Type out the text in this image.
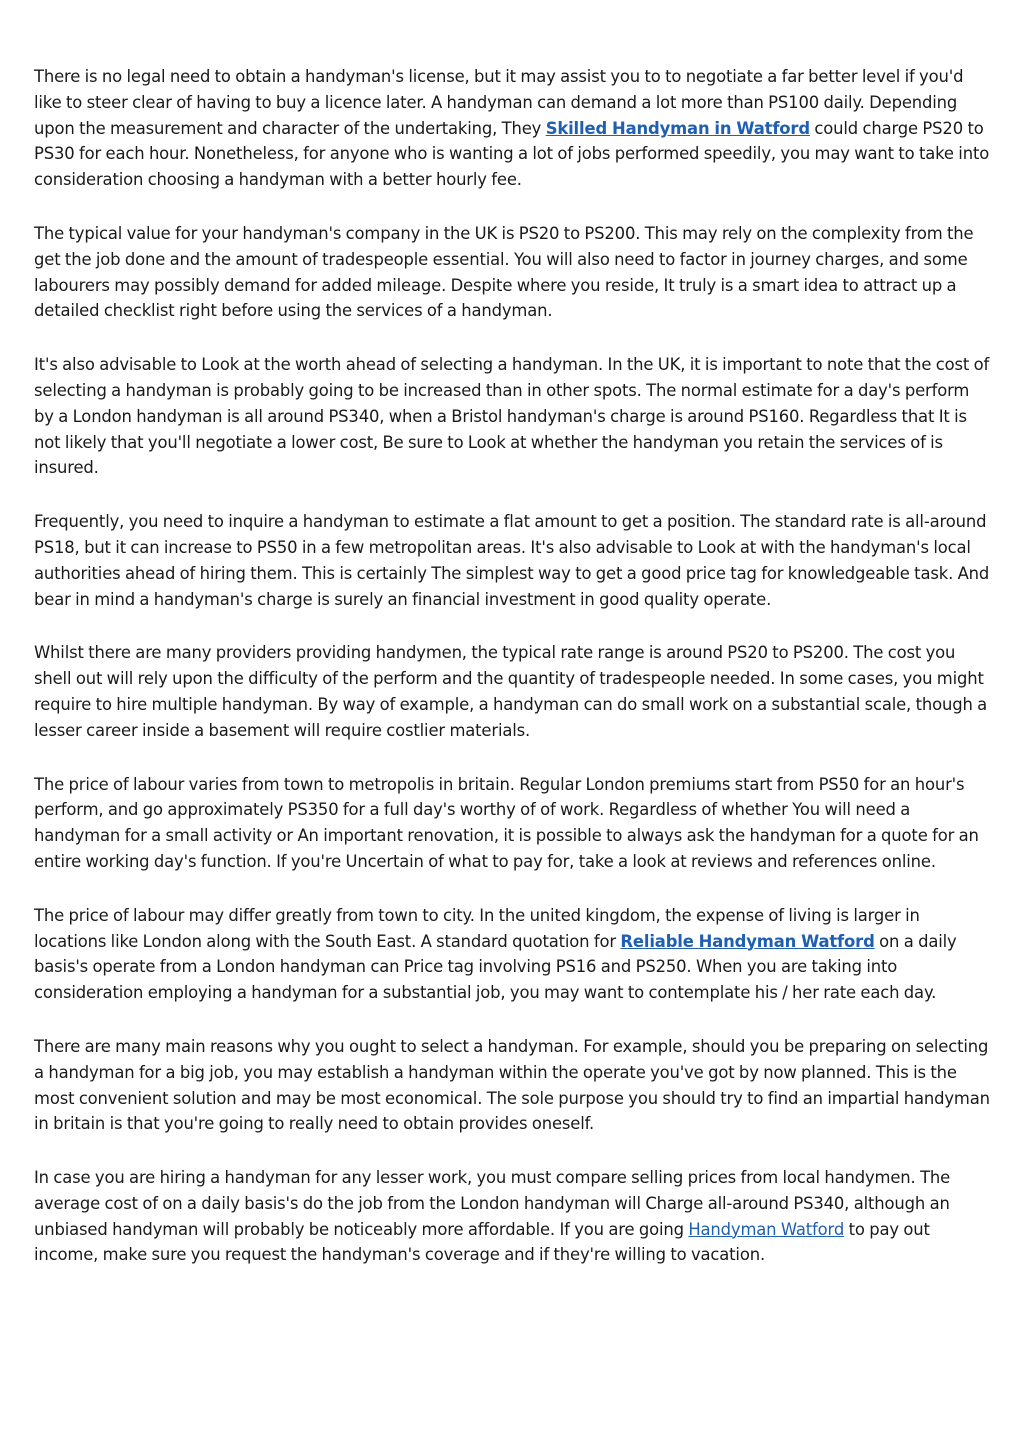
There is no legal need to obtain a handyman's license, but it may assist you to to negotiate a far better level if you'd like to steer clear of having to buy a licence later. A handyman can demand a lot more than PS100 daily. Depending upon the measurement and character of the undertaking, They Skilled Handyman in Watford could charge PS20 to PS30 for each hour. Nonetheless, for anyone who is wanting a lot of jobs performed speedily, you may want to take into consideration choosing a handyman with a better hourly fee.

The typical value for your handyman's company in the UK is PS20 to PS200. This may rely on the complexity from the get the job done and the amount of tradespeople essential. You will also need to factor in journey charges, and some labourers may possibly demand for added mileage. Despite where you reside, It truly is a smart idea to attract up a detailed checklist right before using the services of a handyman.

It's also advisable to Look at the worth ahead of selecting a handyman. In the UK, it is important to note that the cost of selecting a handyman is probably going to be increased than in other spots. The normal estimate for a day's perform by a London handyman is all around PS340, when a Bristol handyman's charge is around PS160. Regardless that It is not likely that you'll negotiate a lower cost, Be sure to Look at whether the handyman you retain the services of is insured.

Frequently, you need to inquire a handyman to estimate a flat amount to get a position. The standard rate is all-around PS18, but it can increase to PS50 in a few metropolitan areas. It's also advisable to Look at with the handyman's local authorities ahead of hiring them. This is certainly The simplest way to get a good price tag for knowledgeable task. And bear in mind a handyman's charge is surely an financial investment in good quality operate.

Whilst there are many providers providing handymen, the typical rate range is around PS20 to PS200. The cost you shell out will rely upon the difficulty of the perform and the quantity of tradespeople needed. In some cases, you might require to hire multiple handyman. By way of example, a handyman can do small work on a substantial scale, though a lesser career inside a basement will require costlier materials.

The price of labour varies from town to metropolis in britain. Regular London premiums start from PS50 for an hour's perform, and go approximately PS350 for a full day's worthy of of work. Regardless of whether You will need a handyman for a small activity or An important renovation, it is possible to always ask the handyman for a quote for an entire working day's function. If you're Uncertain of what to pay for, take a look at reviews and references online.

The price of labour may differ greatly from town to city. In the united kingdom, the expense of living is larger in locations like London along with the South East. A standard quotation for Reliable Handyman Watford on a daily basis's operate from a London handyman can Price tag involving PS16 and PS250. When you are taking into consideration employing a handyman for a substantial job, you may want to contemplate his / her rate each day.

There are many main reasons why you ought to select a handyman. For example, should you be preparing on selecting a handyman for a big job, you may establish a handyman within the operate you've got by now planned. This is the most convenient solution and may be most economical. The sole purpose you should try to find an impartial handyman in britain is that you're going to really need to obtain provides oneself.

In case you are hiring a handyman for any lesser work, you must compare selling prices from local handymen. The average cost of on a daily basis's do the job from the London handyman will Charge all-around PS340, although an unbiased handyman will probably be noticeably more affordable. If you are going Handyman Watford to pay out income, make sure you request the handyman's coverage and if they're willing to vacation.
